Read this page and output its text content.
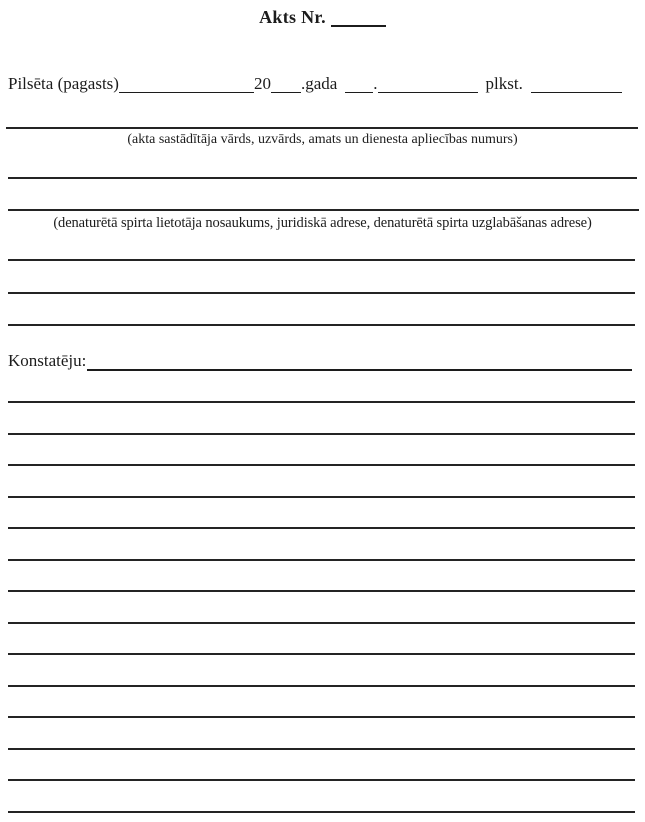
Akts Nr.
Pilsēta (pagasts)	20 .gada .	plkst.
(akta sastādītāja vārds, uzvārds, amats un dienesta apliecības numurs)
(denaturētā spirta lietotāja nosaukums, juridiskā adrese, denaturētā spirta uzglabāšanas adrese)
Konstatēju:
